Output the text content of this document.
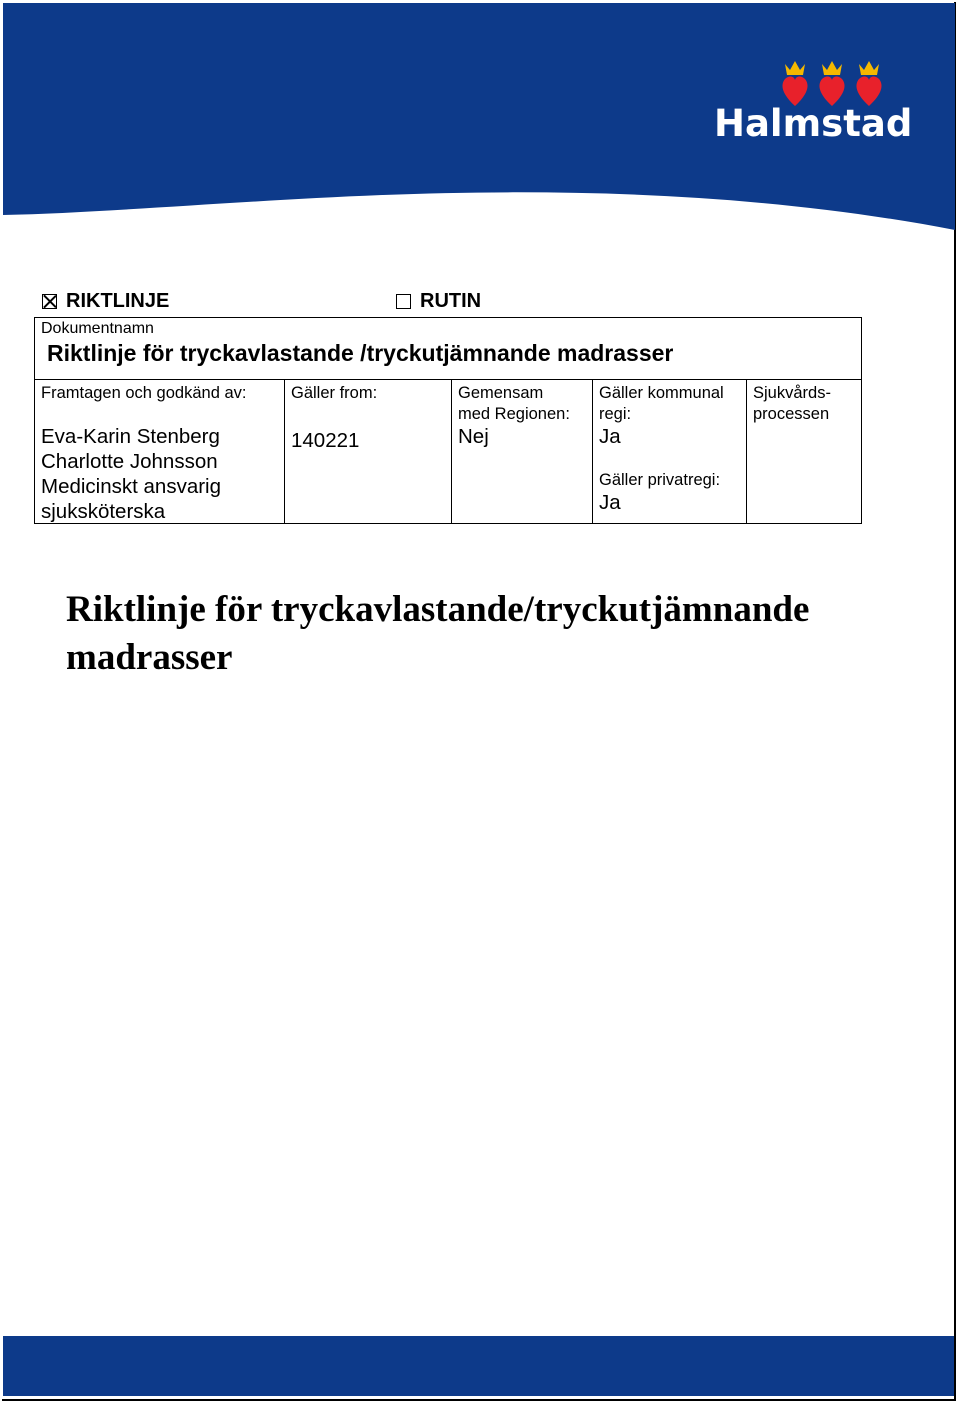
Halmstad
RIKTLINJE	RUTIN
Dokumentnamn
Riktlinje för tryckavlastande /tryckutjämnande madrasser
Framtagen och godkänd av:
Eva-Karin Stenberg
Charlotte Johnsson
Medicinskt ansvarig
sjuksköterska
Gäller from:
140221
Gemensam
med Regionen:
Nej
Gäller kommunal
regi:
Ja
Gäller privatregi:
Ja
Sjukvårds-
processen
Riktlinje för tryckavlastande/tryckutjämnande
madrasser
